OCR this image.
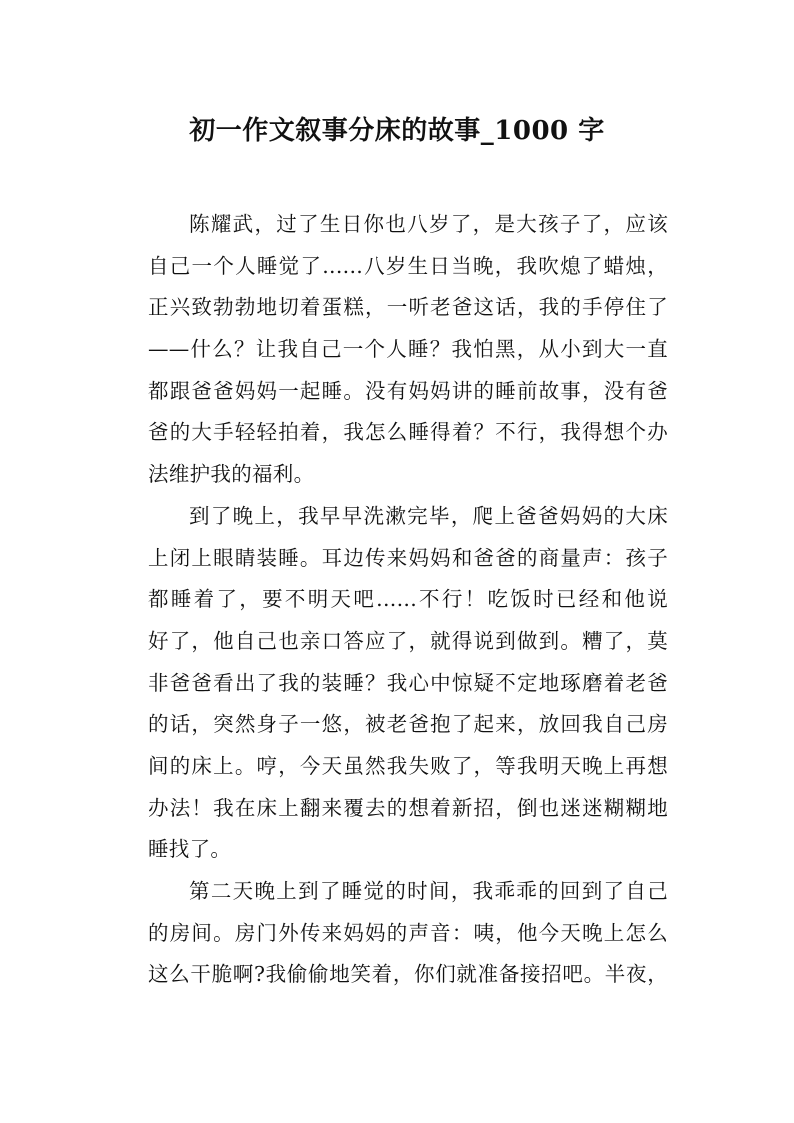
初一作文叙事分床的故事_1000 字
陈耀武，过了生日你也八岁了，是大孩子了，应该
自己一个人睡觉了......八岁生日当晚，我吹熄了蜡烛，
正兴致勃勃地切着蛋糕，一听老爸这话，我的手停住了
——什么？让我自己一个人睡？我怕黑，从小到大一直
都跟爸爸妈妈一起睡。没有妈妈讲的睡前故事，没有爸
爸的大手轻轻拍着，我怎么睡得着？不行，我得想个办
法维护我的福利。
到了晚上，我早早洗漱完毕，爬上爸爸妈妈的大床
上闭上眼睛装睡。耳边传来妈妈和爸爸的商量声：孩子
都睡着了，要不明天吧......不行！吃饭时已经和他说
好了，他自己也亲口答应了，就得说到做到。糟了，莫
非爸爸看出了我的装睡？我心中惊疑不定地琢磨着老爸
的话，突然身子一悠，被老爸抱了起来，放回我自己房
间的床上。哼，今天虽然我失败了，等我明天晚上再想
办法！我在床上翻来覆去的想着新招，倒也迷迷糊糊地
睡找了。
第二天晚上到了睡觉的时间，我乖乖的回到了自己
的房间。房门外传来妈妈的声音：咦，他今天晚上怎么
这么干脆啊?我偷偷地笑着，你们就准备接招吧。半夜，
